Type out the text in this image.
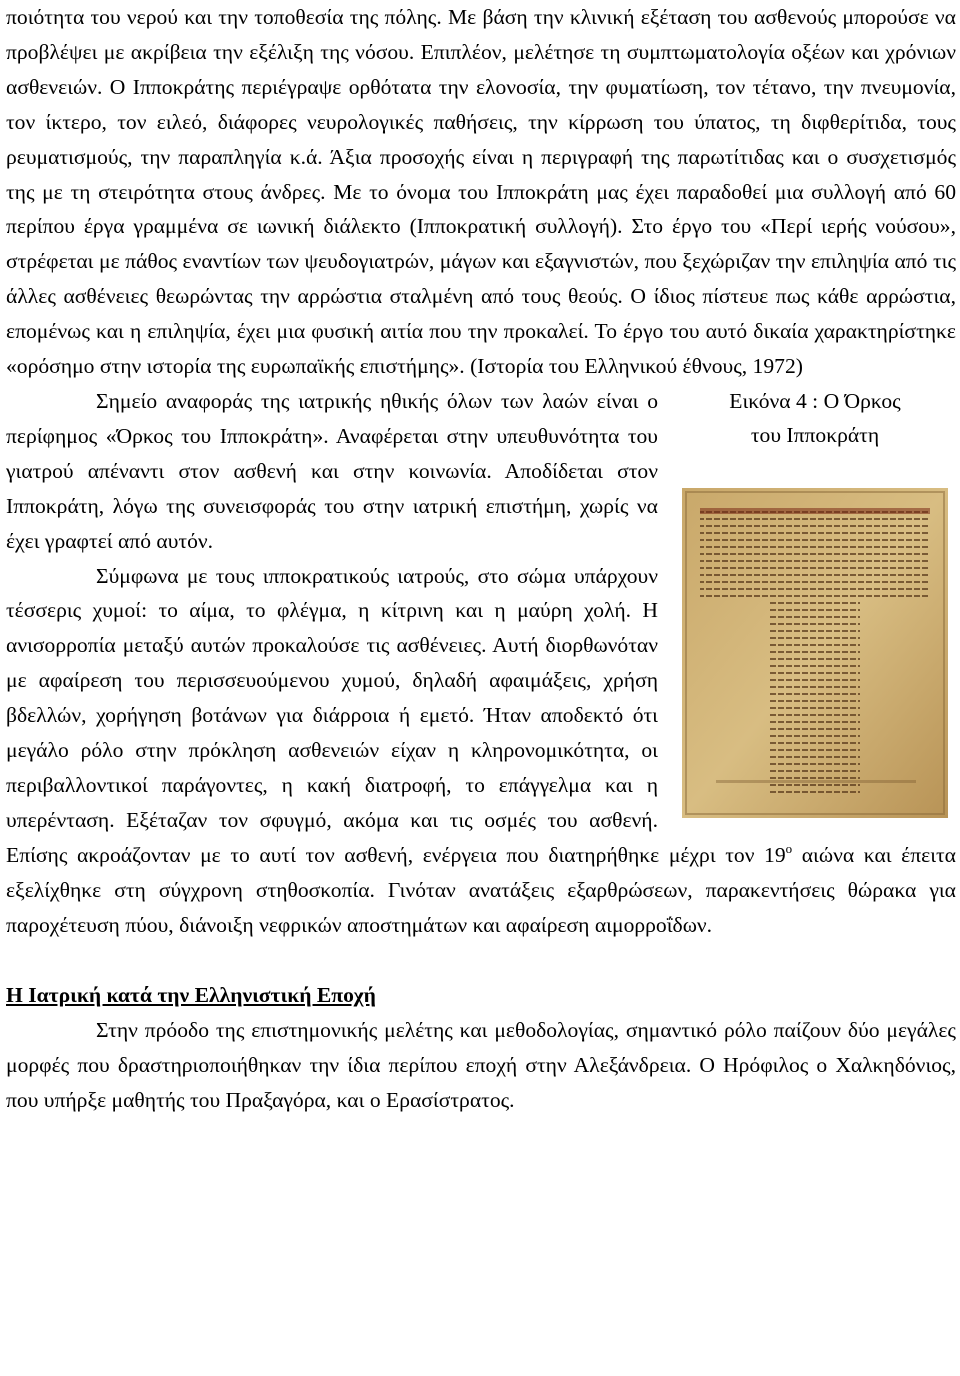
ποιότητα του νερού και την τοποθεσία της πόλης. Με βάση την κλινική εξέταση του ασθενούς μπορούσε να προβλέψει με ακρίβεια την εξέλιξη της νόσου. Επιπλέον, μελέτησε τη συμπτωματολογία οξέων και χρόνιων ασθενειών. Ο Ιπποκράτης περιέγραψε ορθότατα την ελονοσία, την φυματίωση, τον τέτανο, την πνευμονία, τον ίκτερο, τον ειλεό, διάφορες νευρολογικές παθήσεις, την κίρρωση του ύπατος, τη διφθερίτιδα, τους ρευματισμούς, την παραπληγία κ.ά. Άξια προσοχής είναι η περιγραφή της παρωτίτιδας και ο συσχετισμός της με τη στειρότητα στους άνδρες. Με το όνομα του Ιπποκράτη μας έχει παραδοθεί μια συλλογή από 60 περίπου έργα γραμμένα σε ιωνική διάλεκτο (Ιπποκρατική συλλογή). Στο έργο του «Περί ιερής νούσου», στρέφεται με πάθος εναντίων των ψευδογιατρών, μάγων και εξαγνιστών, που ξεχώριζαν την επιληψία από τις άλλες ασθένειες θεωρώντας την αρρώστια σταλμένη από τους θεούς. Ο ίδιος πίστευε πως κάθε αρρώστια, επομένως και η επιληψία, έχει μια φυσική αιτία που την προκαλεί. Το έργο του αυτό δικαία χαρακτηρίστηκε «ορόσημο στην ιστορία της ευρωπαϊκής επιστήμης». (Ιστορία του Ελληνικού έθνους, 1972)

Εικόνα 4 : Ο Όρκος
του Ιπποκράτη

Σημείο αναφοράς της ιατρικής ηθικής όλων των λαών είναι ο περίφημος «Όρκος του Ιπποκράτη». Αναφέρεται στην υπευθυνότητα του γιατρού απέναντι στον ασθενή και στην κοινωνία. Αποδίδεται στον Ιπποκράτη, λόγω της συνεισφοράς του στην ιατρική επιστήμη, χωρίς να έχει γραφτεί από αυτόν.

Σύμφωνα με τους ιπποκρατικούς ιατρούς, στο σώμα υπάρχουν τέσσερις χυμοί: το αίμα, το φλέγμα, η κίτρινη και η μαύρη χολή. Η ανισορροπία μεταξύ αυτών προκαλούσε τις ασθένειες. Αυτή διορθωνόταν με αφαίρεση του περισσευούμενου χυμού, δηλαδή αφαιμάξεις, χρήση βδελλών, χορήγηση βοτάνων για διάρροια ή εμετό. Ήταν αποδεκτό ότι μεγάλο ρόλο στην πρόκληση ασθενειών είχαν η κληρονομικότητα, οι περιβαλλοντικοί παράγοντες, η κακή διατροφή, το επάγγελμα και η υπερένταση. Εξέταζαν τον σφυγμό, ακόμα και τις οσμές του ασθενή. Επίσης ακροάζονταν με το αυτί τον ασθενή, ενέργεια που διατηρήθηκε μέχρι τον $19^o$ αιώνα και έπειτα εξελίχθηκε στη σύγχρονη στηθοσκοπία. Γινόταν ανατάξεις εξαρθρώσεων, παρακεντήσεις θώρακα για παροχέτευση πύου, διάνοιξη νεφρικών αποστημάτων και αφαίρεση αιμορροΐδων.

Η Ιατρική κατά την Ελληνιστική Εποχή

Στην πρόοδο της επιστημονικής μελέτης και μεθοδολογίας, σημαντικό ρόλο παίζουν δύο μεγάλες μορφές που δραστηριοποιήθηκαν την ίδια περίπου εποχή στην Αλεξάνδρεια. Ο Ηρόφιλος ο Χαλκηδόνιος, που υπήρξε μαθητής του Πραξαγόρα, και ο Ερασίστρατος.
